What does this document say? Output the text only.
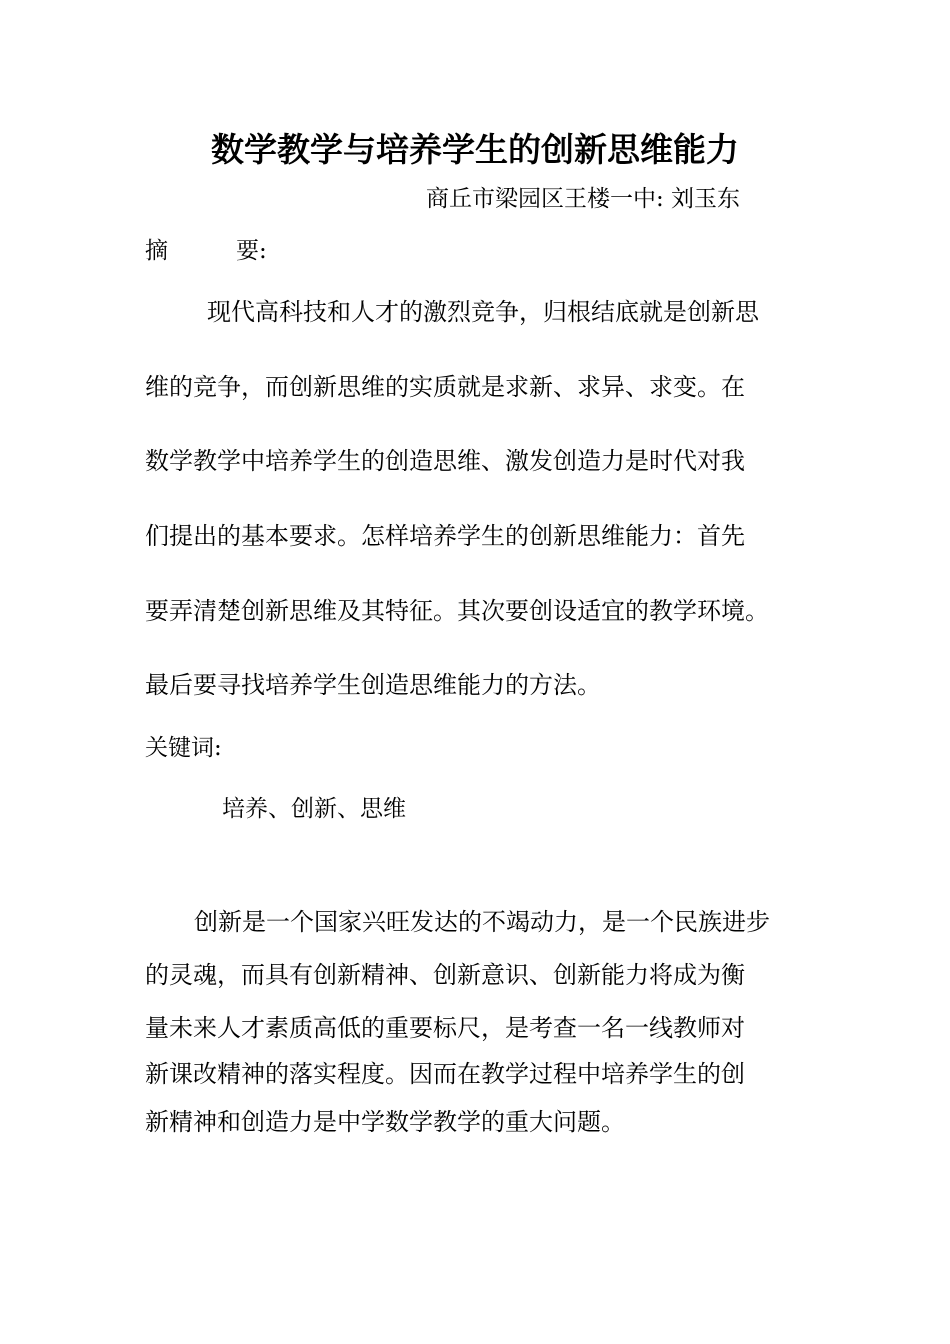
数学教学与培养学生的创新思维能力
商丘市梁园区王楼一中: 刘玉东
摘	要:
现代高科技和人才的激烈竞争，归根结底就是创新思
维的竞争，而创新思维的实质就是求新、求异、求变。在
数学教学中培养学生的创造思维、激发创造力是时代对我
们提出的基本要求。怎样培养学生的创新思维能力：首先
要弄清楚创新思维及其特征。其次要创设适宜的教学环境。
最后要寻找培养学生创造思维能力的方法。
关键词:
培养、创新、思维
创新是一个国家兴旺发达的不竭动力，是一个民族进步
的灵魂，而具有创新精神、创新意识、创新能力将成为衡
量未来人才素质高低的重要标尺，是考查一名一线教师对
新课改精神的落实程度。因而在教学过程中培养学生的创
新精神和创造力是中学数学教学的重大问题。
